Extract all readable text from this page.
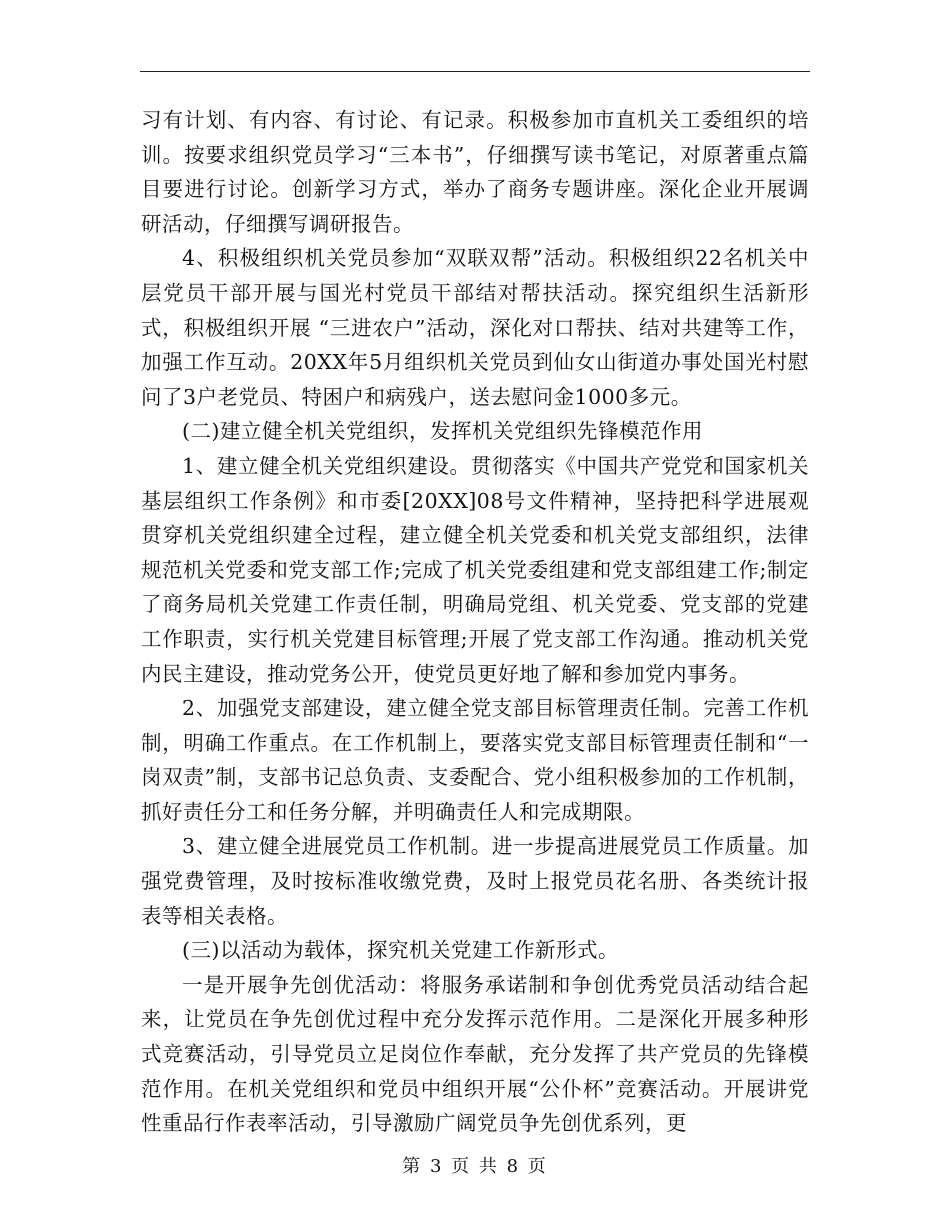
习有计划、有内容、有讨论、有记录。积极参加市直机关工委组织的培训。按要求组织党员学习“三本书”，仔细撰写读书笔记，对原著重点篇目要进行讨论。创新学习方式，举办了商务专题讲座。深化企业开展调研活动，仔细撰写调研报告。

4、积极组织机关党员参加“双联双帮”活动。积极组织22名机关中层党员干部开展与国光村党员干部结对帮扶活动。探究组织生活新形式，积极组织开展 “三进农户”活动，深化对口帮扶、结对共建等工作，加强工作互动。20XX年5月组织机关党员到仙女山街道办事处国光村慰问了3户老党员、特困户和病残户，送去慰问金1000多元。

(二)建立健全机关党组织，发挥机关党组织先锋模范作用

1、建立健全机关党组织建设。贯彻落实《中国共产党党和国家机关基层组织工作条例》和市委[20XX]08号文件精神，坚持把科学进展观贯穿机关党组织建全过程，建立健全机关党委和机关党支部组织，法律规范机关党委和党支部工作;完成了机关党委组建和党支部组建工作;制定了商务局机关党建工作责任制，明确局党组、机关党委、党支部的党建工作职责，实行机关党建目标管理;开展了党支部工作沟通。推动机关党内民主建设，推动党务公开，使党员更好地了解和参加党内事务。

2、加强党支部建设，建立健全党支部目标管理责任制。完善工作机制，明确工作重点。在工作机制上，要落实党支部目标管理责任制和“一岗双责”制，支部书记总负责、支委配合、党小组积极参加的工作机制，抓好责任分工和任务分解，并明确责任人和完成期限。

3、建立健全进展党员工作机制。进一步提高进展党员工作质量。加强党费管理，及时按标准收缴党费，及时上报党员花名册、各类统计报表等相关表格。

(三)以活动为载体，探究机关党建工作新形式。

一是开展争先创优活动：将服务承诺制和争创优秀党员活动结合起来，让党员在争先创优过程中充分发挥示范作用。二是深化开展多种形式竞赛活动，引导党员立足岗位作奉献，充分发挥了共产党员的先锋模范作用。在机关党组织和党员中组织开展“公仆杯”竞赛活动。开展讲党性重品行作表率活动，引导激励广阔党员争先创优系列，更

第 3 页 共 8 页
